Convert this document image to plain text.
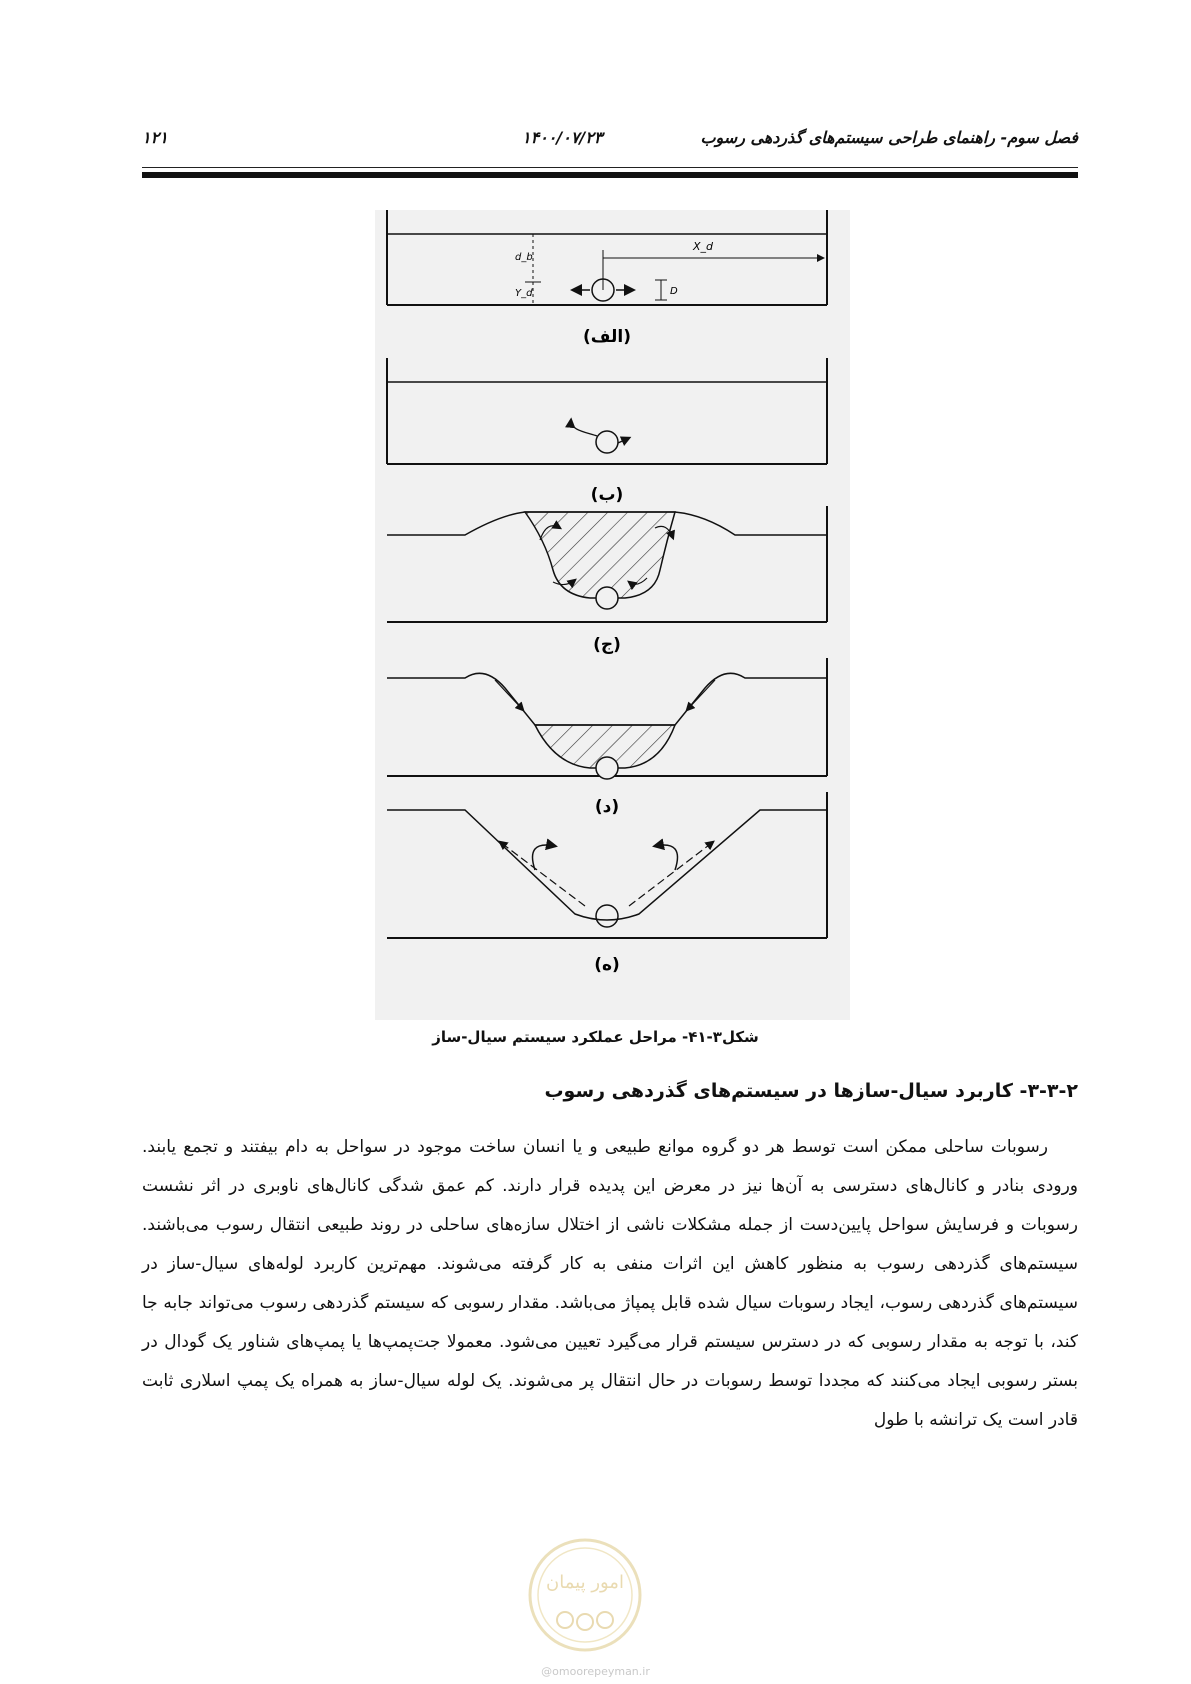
فصل سوم- راهنمای طراحی سیستم‌های گذردهی رسوب
۱۴۰۰/۰۷/۲۳
۱۲۱
d_b
Y_d
X_d
D
(الف)
(ب)
(ج)
(د)
(ه)
شکل۳-۴۱- مراحل عملکرد سیستم سیال-ساز
۳-۳-۲- کاربرد سیال-سازها در سیستم‌های گذردهی رسوب

رسوبات ساحلی ممکن است توسط هر دو گروه موانع طبیعی و یا انسان ساخت موجود در سواحل به دام بیفتند و تجمع یابند. ورودی بنادر و کانال‌های دسترسی به آن‌ها نیز در معرض این پدیده قرار دارند. کم عمق شدگی کانال‌های ناوبری در اثر نشست رسوبات و فرسایش سواحل پایین‌دست از جمله مشکلات ناشی از اختلال سازه‌های ساحلی در روند طبیعی انتقال رسوب می‌باشند. سیستم‌های گذردهی رسوب به منظور کاهش این اثرات منفی به کار گرفته می‌شوند. مهم‌ترین کاربرد لوله‌های سیال-ساز در سیستم‌های گذردهی رسوب، ایجاد رسوبات سیال شده قابل پمپاژ می‌باشد. مقدار رسوبی که سیستم گذردهی رسوب می‌تواند جابه جا کند، با توجه به مقدار رسوبی که در دسترس سیستم قرار می‌گیرد تعیین می‌شود. معمولا جت‌پمپ‌ها یا پمپ‌های شناور یک گودال در بستر رسوبی ایجاد می‌کنند که مجددا توسط رسوبات در حال انتقال پر می‌شوند. یک لوله سیال-ساز به همراه یک پمپ اسلاری ثابت قادر است یک ترانشه با طول

امور پیمان
@omoorepeyman.ir
